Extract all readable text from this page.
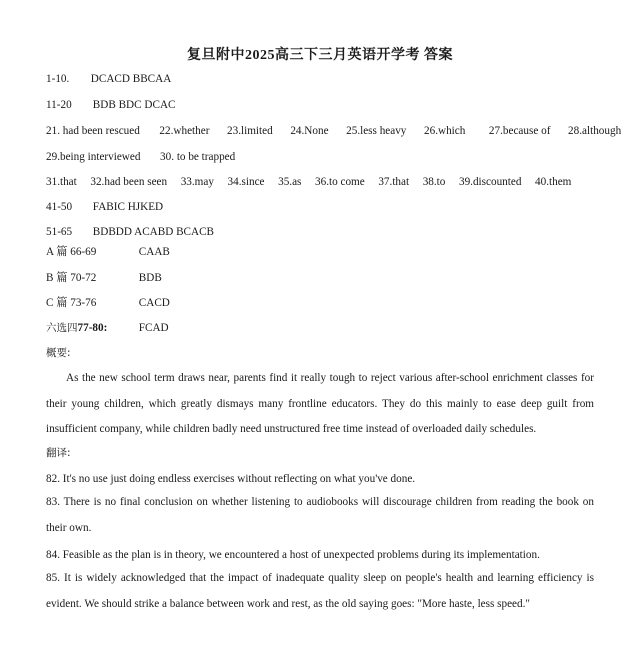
复旦附中2025高三下三月英语开学考 答案
1-10. DCACD BBCAA
11-20 BDB BDC DCAC
21. had been rescued 22.whether 23.limited 24.None 25.less heavy 26.which 27.because of 28.although
29.being interviewed 30. to be trapped
31.that 32.had been seen 33.may 34.since 35.as 36.to come 37.that 38.to 39.discounted 40.them
41-50 FABIC HJKED
51-65 BDBDD ACABD BCACB
A 篇 66-69	CAAB
B 篇 70-72	BDB
C 篇 73-76	CACD
六选四77-80:	FCAD
概要:
As the new school term draws near, parents find it really tough to reject various after-school enrichment classes for their young children, which greatly dismays many frontline educators. They do this mainly to ease deep guilt from insufficient company, while children badly need unstructured free time instead of overloaded daily schedules.
翻译:
82. It's no use just doing endless exercises without reflecting on what you've done.
83. There is no final conclusion on whether listening to audiobooks will discourage children from reading the book on their own.
84. Feasible as the plan is in theory, we encountered a host of unexpected problems during its implementation.
85. It is widely acknowledged that the impact of inadequate quality sleep on people's health and learning efficiency is evident. We should strike a balance between work and rest, as the old saying goes: "More haste, less speed."
